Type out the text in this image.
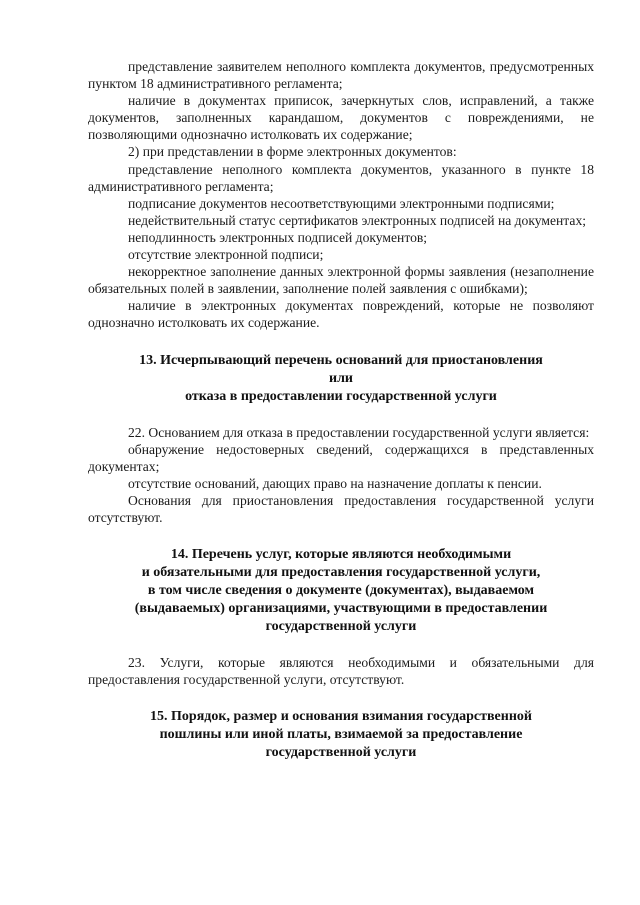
представление заявителем неполного комплекта документов, предусмотренных пунктом 18 административного регламента;

наличие в документах приписок, зачеркнутых слов, исправлений, а также документов, заполненных карандашом, документов с повреждениями, не позволяющими однозначно истолковать их содержание;

2) при представлении в форме электронных документов:

представление неполного комплекта документов, указанного в пункте 18 административного регламента;

подписание документов несоответствующими электронными подписями;

недействительный статус сертификатов электронных подписей на документах;

неподлинность электронных подписей документов;

отсутствие электронной подписи;

некорректное заполнение данных электронной формы заявления (незаполнение обязательных полей в заявлении, заполнение полей заявления с ошибками);

наличие в электронных документах повреждений, которые не позволяют однозначно истолковать их содержание.

13. Исчерпывающий перечень оснований для приостановления
или
отказа в предоставлении государственной услуги

22. Основанием для отказа в предоставлении государственной услуги является:

обнаружение недостоверных сведений, содержащихся в представленных документах;

отсутствие оснований, дающих право на назначение доплаты к пенсии.

Основания для приостановления предоставления государственной услуги отсутствуют.

14. Перечень услуг, которые являются необходимыми
и обязательными для предоставления государственной услуги,
в том числе сведения о документе (документах), выдаваемом
(выдаваемых) организациями, участвующими в предоставлении
государственной услуги

23. Услуги, которые являются необходимыми и обязательными для предоставления государственной услуги, отсутствуют.

15. Порядок, размер и основания взимания государственной
пошлины или иной платы, взимаемой за предоставление
государственной услуги
